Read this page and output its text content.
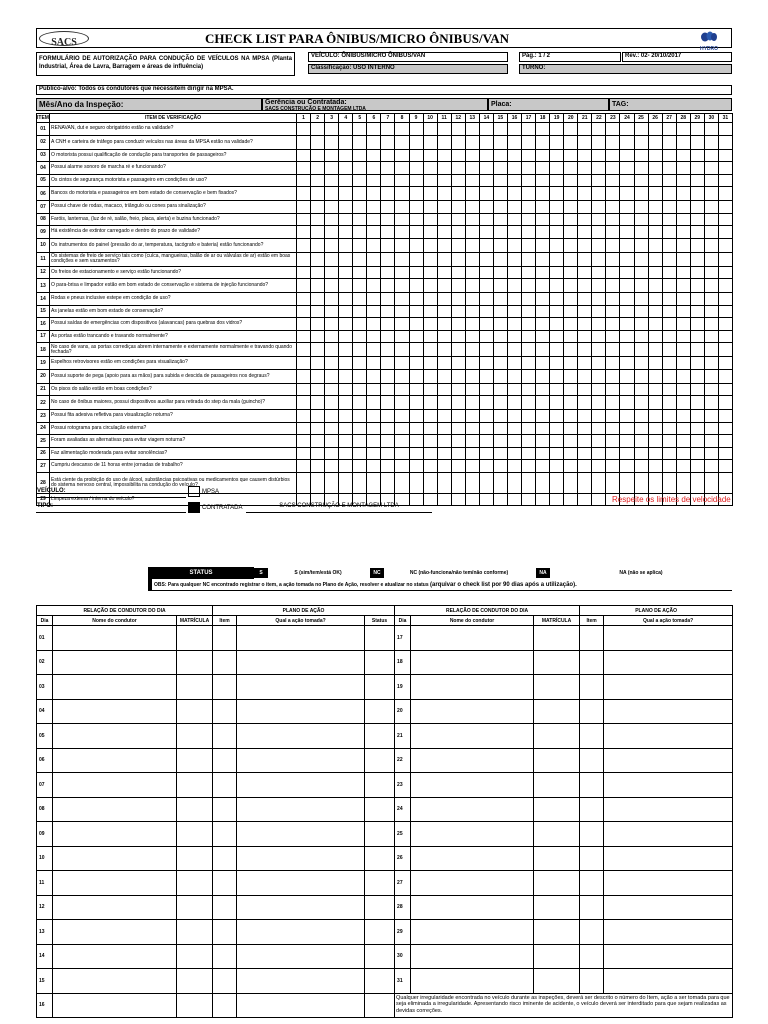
SACS	CHECK LIST PARA ÔNIBUS/MICRO ÔNIBUS/VAN
HYDRO
FORMULÁRIO DE AUTORIZAÇÃO PARA CONDUÇÃO DE VEÍCULOS NA MPSA (Planta Industrial, Área de Lavra, Barragem e áreas de influência)
VEÍCULO: ÔNIBUS/MICRO ÔNIBUS/VAN
Classificação: USO INTERNO
Pág.: 1 / 2	Rev.: 02- 20/10/2017
TURNO:
Público-alvo: Todos os condutores que necessitem dirigir na MPSA.
Mês/Ano da Inspeção:	Gerência ou Contratada:
SACS CONSTRUÇÃO E MONTAGEM LTDA
Placa:	TAG:
ITEM	ITEM DE VERIFICAÇÃO	1	2	3	4	5	6	7	8	9	10	11	12	13	14	15	16	17	18	19	20	21	22	23	24	25	26	27	28	29	30	31
01	RENAVAN, dut e seguro obrigatório estão na validade?																															
02	A CNH e carteira de tráfego para conduzir veículos nas áreas da MPSA estão na validade?																															
03	O motorista possui qualificação de condução para transportes de passageiros?																															
04	Possui alarme sonoro de marcha ré e funcionando?																															
05	Os cintos de segurança motorista e passageiro em condições de uso?																															
06	Bancos do motorista e passageiros em bom estado de conservação e bem fixados?																															
07	Possui chave de rodas, macaco, triângulo ou cones para sinalização?																															
08	Faróis, lanternas, (luz de ré, salão, freio, placa, alerta) e buzina funcionado?																															
09	Há existência de extintor carregado e dentro do prazo de validade?																															
10	Os instrumentos do painel (pressão do ar, temperatura, tacógrafo e bateria) estão funcionando?																															
11	Os sistemas de freio de serviço tais como (cuíca, mangueiras, balão de ar ou válvulas de ar) estão em boas condições e sem vazamentos?																															
12	Os freios de estacionamento e serviço estão funcionando?																															
13	O para-brisa e limpador estão em bom estado de conservação e sistema de injeção funcionando?																															
14	Rodas e pneus inclusive estepe em condição de uso?																															
15	As janelas estão em bom estado de conservação?																															
16	Possui saídas de emergências com dispositivos (alavancas) para quebras dos vidros?																															
17	As portas estão trancando e travando normalmente?																															
18	No caso de vans, as portas corrediças abrem internamente e externamente normalmente e travando quando fechada?																															
19	Espelhos retrovisores estão em condições para visualização?																															
20	Possui suporte de pega (apoio para as mãos) para subida e descida de passageiros nos degraus?																															
21	Os pisos do salão estão em boas condições?																															
22	No caso de ônibus maiores, possui dispositivos auxiliar para retirada do step da mala (guincho)?																															
23	Possui fita adesiva refletiva para visualização noturna?																															
24	Possui rotograma para circulação externa?																															
25	Foram avaliadas as alternativas para evitar viagem noturna?																															
26	Faz alimentação moderada para evitar sonolências?																															
27	Cumpriu descanso de 11 horas entre jornadas de trabalho?																															
28	Está ciente da proibição do uso de álcool, substâncias psicoativas ou medicamentos que causem distúrbios do sistema nervoso central, impossibilita na condução do veículo?																															
29	Limpeza externa / interna do veículo?																															
VEÍCULO:	MPSA
TIPO:	CONTRATADA	SACS CONSTRUÇÃO E MONTAGEM LTDA
Respeite os limites de velocidade
STATUS	S	S (sim/tem/está OK)	NC	NC (não-funciona/não tem/não conforme)	NA	NA (não se aplica)
OBS: Para qualquer NC encontrado registrar o item, a ação tomada no Plano de Ação, resolver e atualizar no status (arquivar o check list por 90 dias após a utilização).
RELAÇÃO DE CONDUTOR DO DIA			PLANO DE AÇÃO			RELAÇÃO DE CONDUTOR DO DIA			PLANO DE AÇÃO	
Dia	Nome do condutor	MATRÍCULA	Item	Qual a ação tomada?	Status	Dia	Nome do condutor	MATRÍCULA	Item	Qual a ação tomada?
01						17				
02						18				
03						19				
04						20				
05						21				
06						22				
07						23				
08						24				
09						25				
10						26				
11						27				
12						28				
13						29				
14						30				
15						31				
16						Qualquer irregularidade encontrada no veículo durante as inspeções, deverá ser descrito o número do Item, ação a ser tomada para que seja eliminada a irregularidade. Apresentando risco iminente de acidente, o veículo deverá ser interditado para que sejam realizadas as devidas correções.				
